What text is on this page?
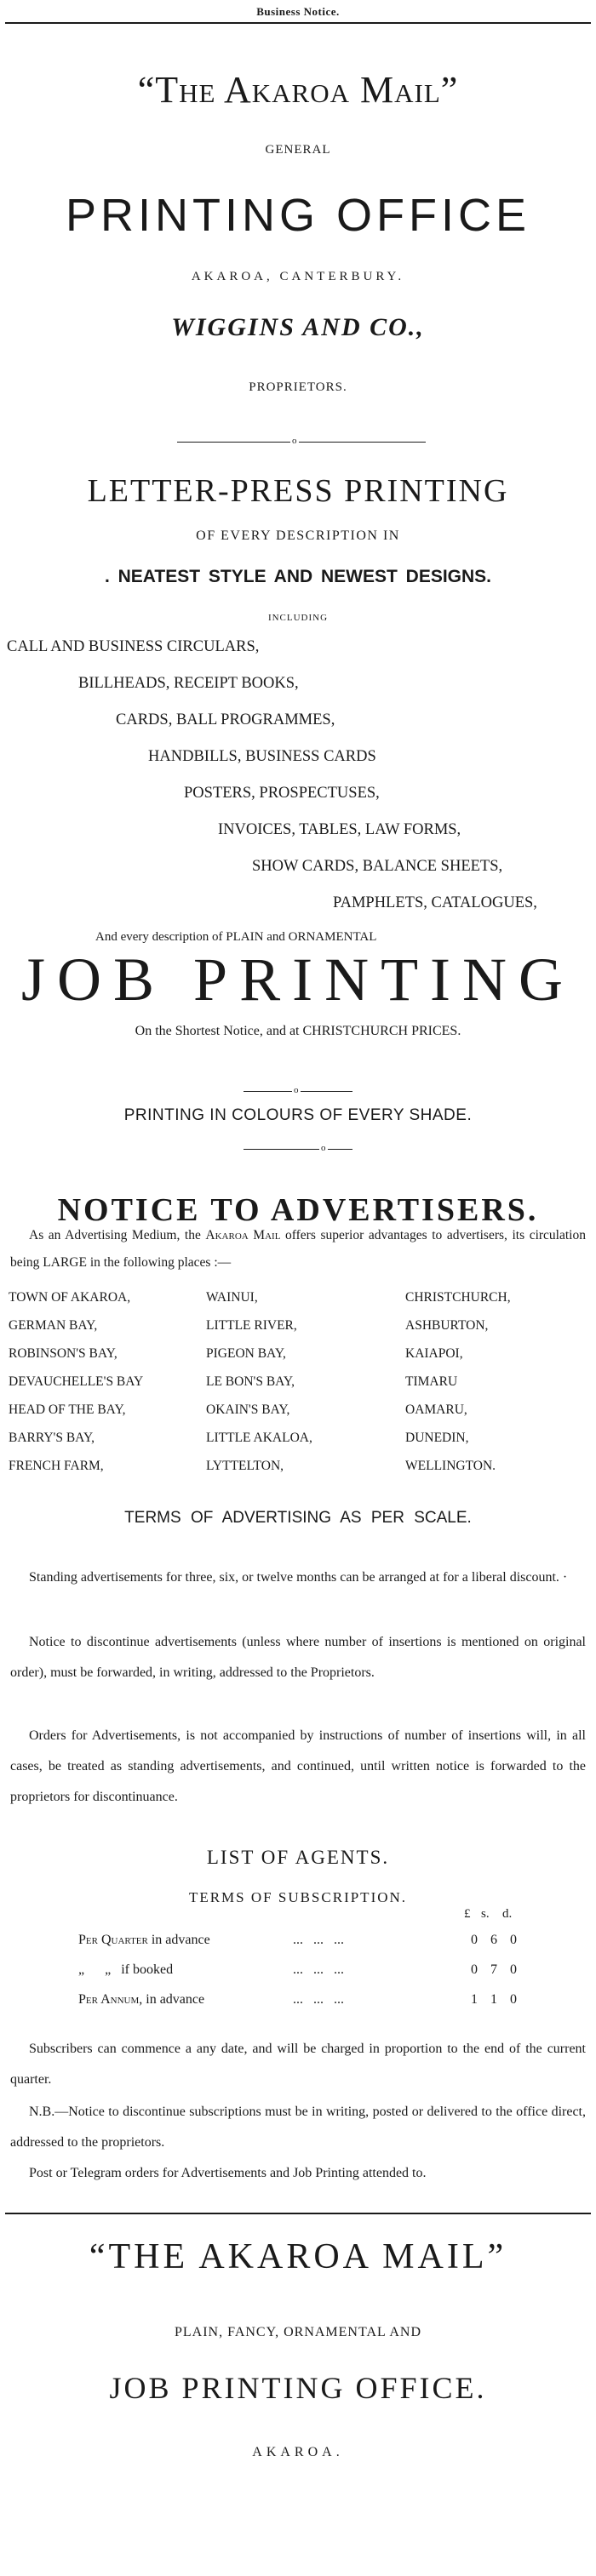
Business Notice.
“The Akaroa Mail”
GENERAL
PRINTING OFFICE
AKAROA, CANTERBURY.
WIGGINS AND CO.,
PROPRIETORS.
o
LETTER-PRESS PRINTING
OF EVERY DESCRIPTION IN
. NEATEST STYLE AND NEWEST DESIGNS.
INCLUDING
CALL AND BUSINESS CIRCULARS,
BILLHEADS, RECEIPT BOOKS,
CARDS, BALL PROGRAMMES,
HANDBILLS, BUSINESS CARDS
POSTERS, PROSPECTUSES,
INVOICES, TABLES, LAW FORMS,
SHOW CARDS, BALANCE SHEETS,
PAMPHLETS, CATALOGUES,
And every description of PLAIN and ORNAMENTAL
JOB PRINTING
On the Shortest Notice, and at CHRISTCHURCH PRICES.
o
PRINTING IN COLOURS OF EVERY SHADE.
o
NOTICE TO ADVERTISERS.
As an Advertising Medium, the Akaroa Mail offers superior advantages to advertisers, its circulation being LARGE in the following places :—
TOWN OF AKAROA,	WAINUI,	CHRISTCHURCH,
GERMAN BAY,	LITTLE RIVER,	ASHBURTON,
ROBINSON'S BAY,	PIGEON BAY,	KAIAPOI,
DEVAUCHELLE'S BAY	LE BON'S BAY,	TIMARU
HEAD OF THE BAY,	OKAIN'S BAY,	OAMARU,
BARRY'S BAY,	LITTLE AKALOA,	DUNEDIN,
FRENCH FARM,	LYTTELTON,	WELLINGTON.
TERMS OF ADVERTISING AS PER SCALE.
Standing advertisements for three, six, or twelve months can be arranged at for a liberal discount. ·
Notice to discontinue advertisements (unless where number of insertions is mentioned on original order), must be forwarded, in writing, addressed to the Proprietors.
Orders for Advertisements, is not accompanied by instructions of number of insertions will, in all cases, be treated as standing advertisements, and continued, until written notice is forwarded to the proprietors for discontinuance.
LIST OF AGENTS.
TERMS OF SUBSCRIPTION.
£ s. d.
Per Quarter in advance	...   ...   ...	0	6	0
„      „   if booked	...   ...   ...	0	7	0
Per Annum, in advance	...   ...   ...	1	1	0
Subscribers can commence a any date, and will be charged in proportion to the end of the current quarter.
N.B.—Notice to discontinue subscriptions must be in writing, posted or delivered to the office direct, addressed to the proprietors.
Post or Telegram orders for Advertisements and Job Printing attended to.
“THE AKAROA MAIL”
PLAIN, FANCY, ORNAMENTAL AND
JOB PRINTING OFFICE.
AKAROA.
